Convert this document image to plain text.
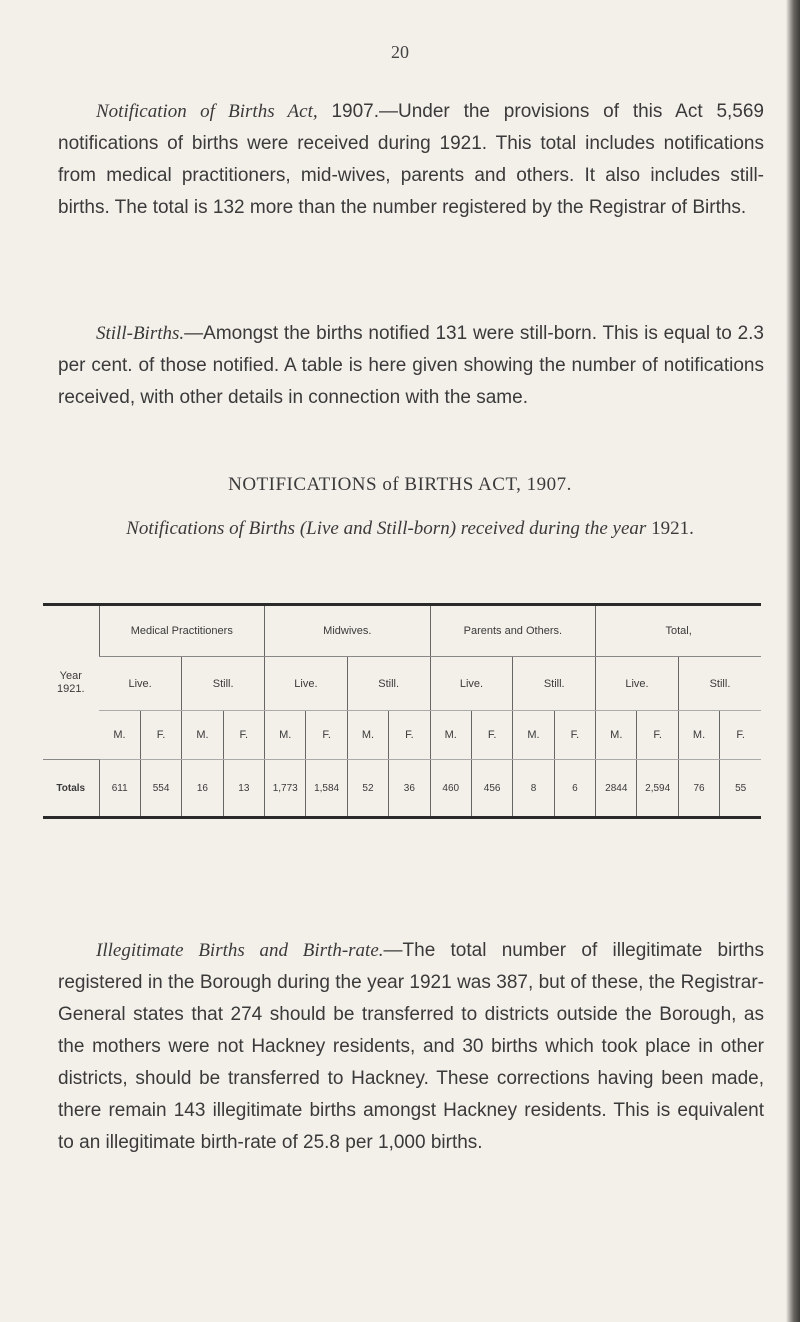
20

Notification of Births Act, 1907.—Under the provisions of this Act 5,569 notifications of births were received during 1921. This total includes notifications from medical practitioners, mid-wives, parents and others. It also includes still-births. The total is 132 more than the number registered by the Registrar of Births.

Still-Births.—Amongst the births notified 131 were still-born. This is equal to 2.3 per cent. of those notified. A table is here given showing the number of notifications received, with other details in connection with the same.

NOTIFICATIONS of BIRTHS ACT, 1907.
Notifications of Births (Live and Still-born) received during the year 1921.
Year
1921.	Medical Practitioners				Midwives.				Parents and Others.				Total,			
	Live.		Still.		Live.		Still.		Live.		Still.		Live.		Still.	
	M.	F.	M.	F.	M.	F.	M.	F.	M.	F.	M.	F.	M.	F.	M.	F.
Totals	611	554	16	13	1,773	1,584	52	36	460	456	8	6	2844	2,594	76	55

Illegitimate Births and Birth-rate.—The total number of illegitimate births registered in the Borough during the year 1921 was 387, but of these, the Registrar-General states that 274 should be transferred to districts outside the Borough, as the mothers were not Hackney residents, and 30 births which took place in other districts, should be transferred to Hackney. These corrections having been made, there remain 143 illegitimate births amongst Hackney residents. This is equivalent to an illegitimate birth-rate of 25.8 per 1,000 births.
